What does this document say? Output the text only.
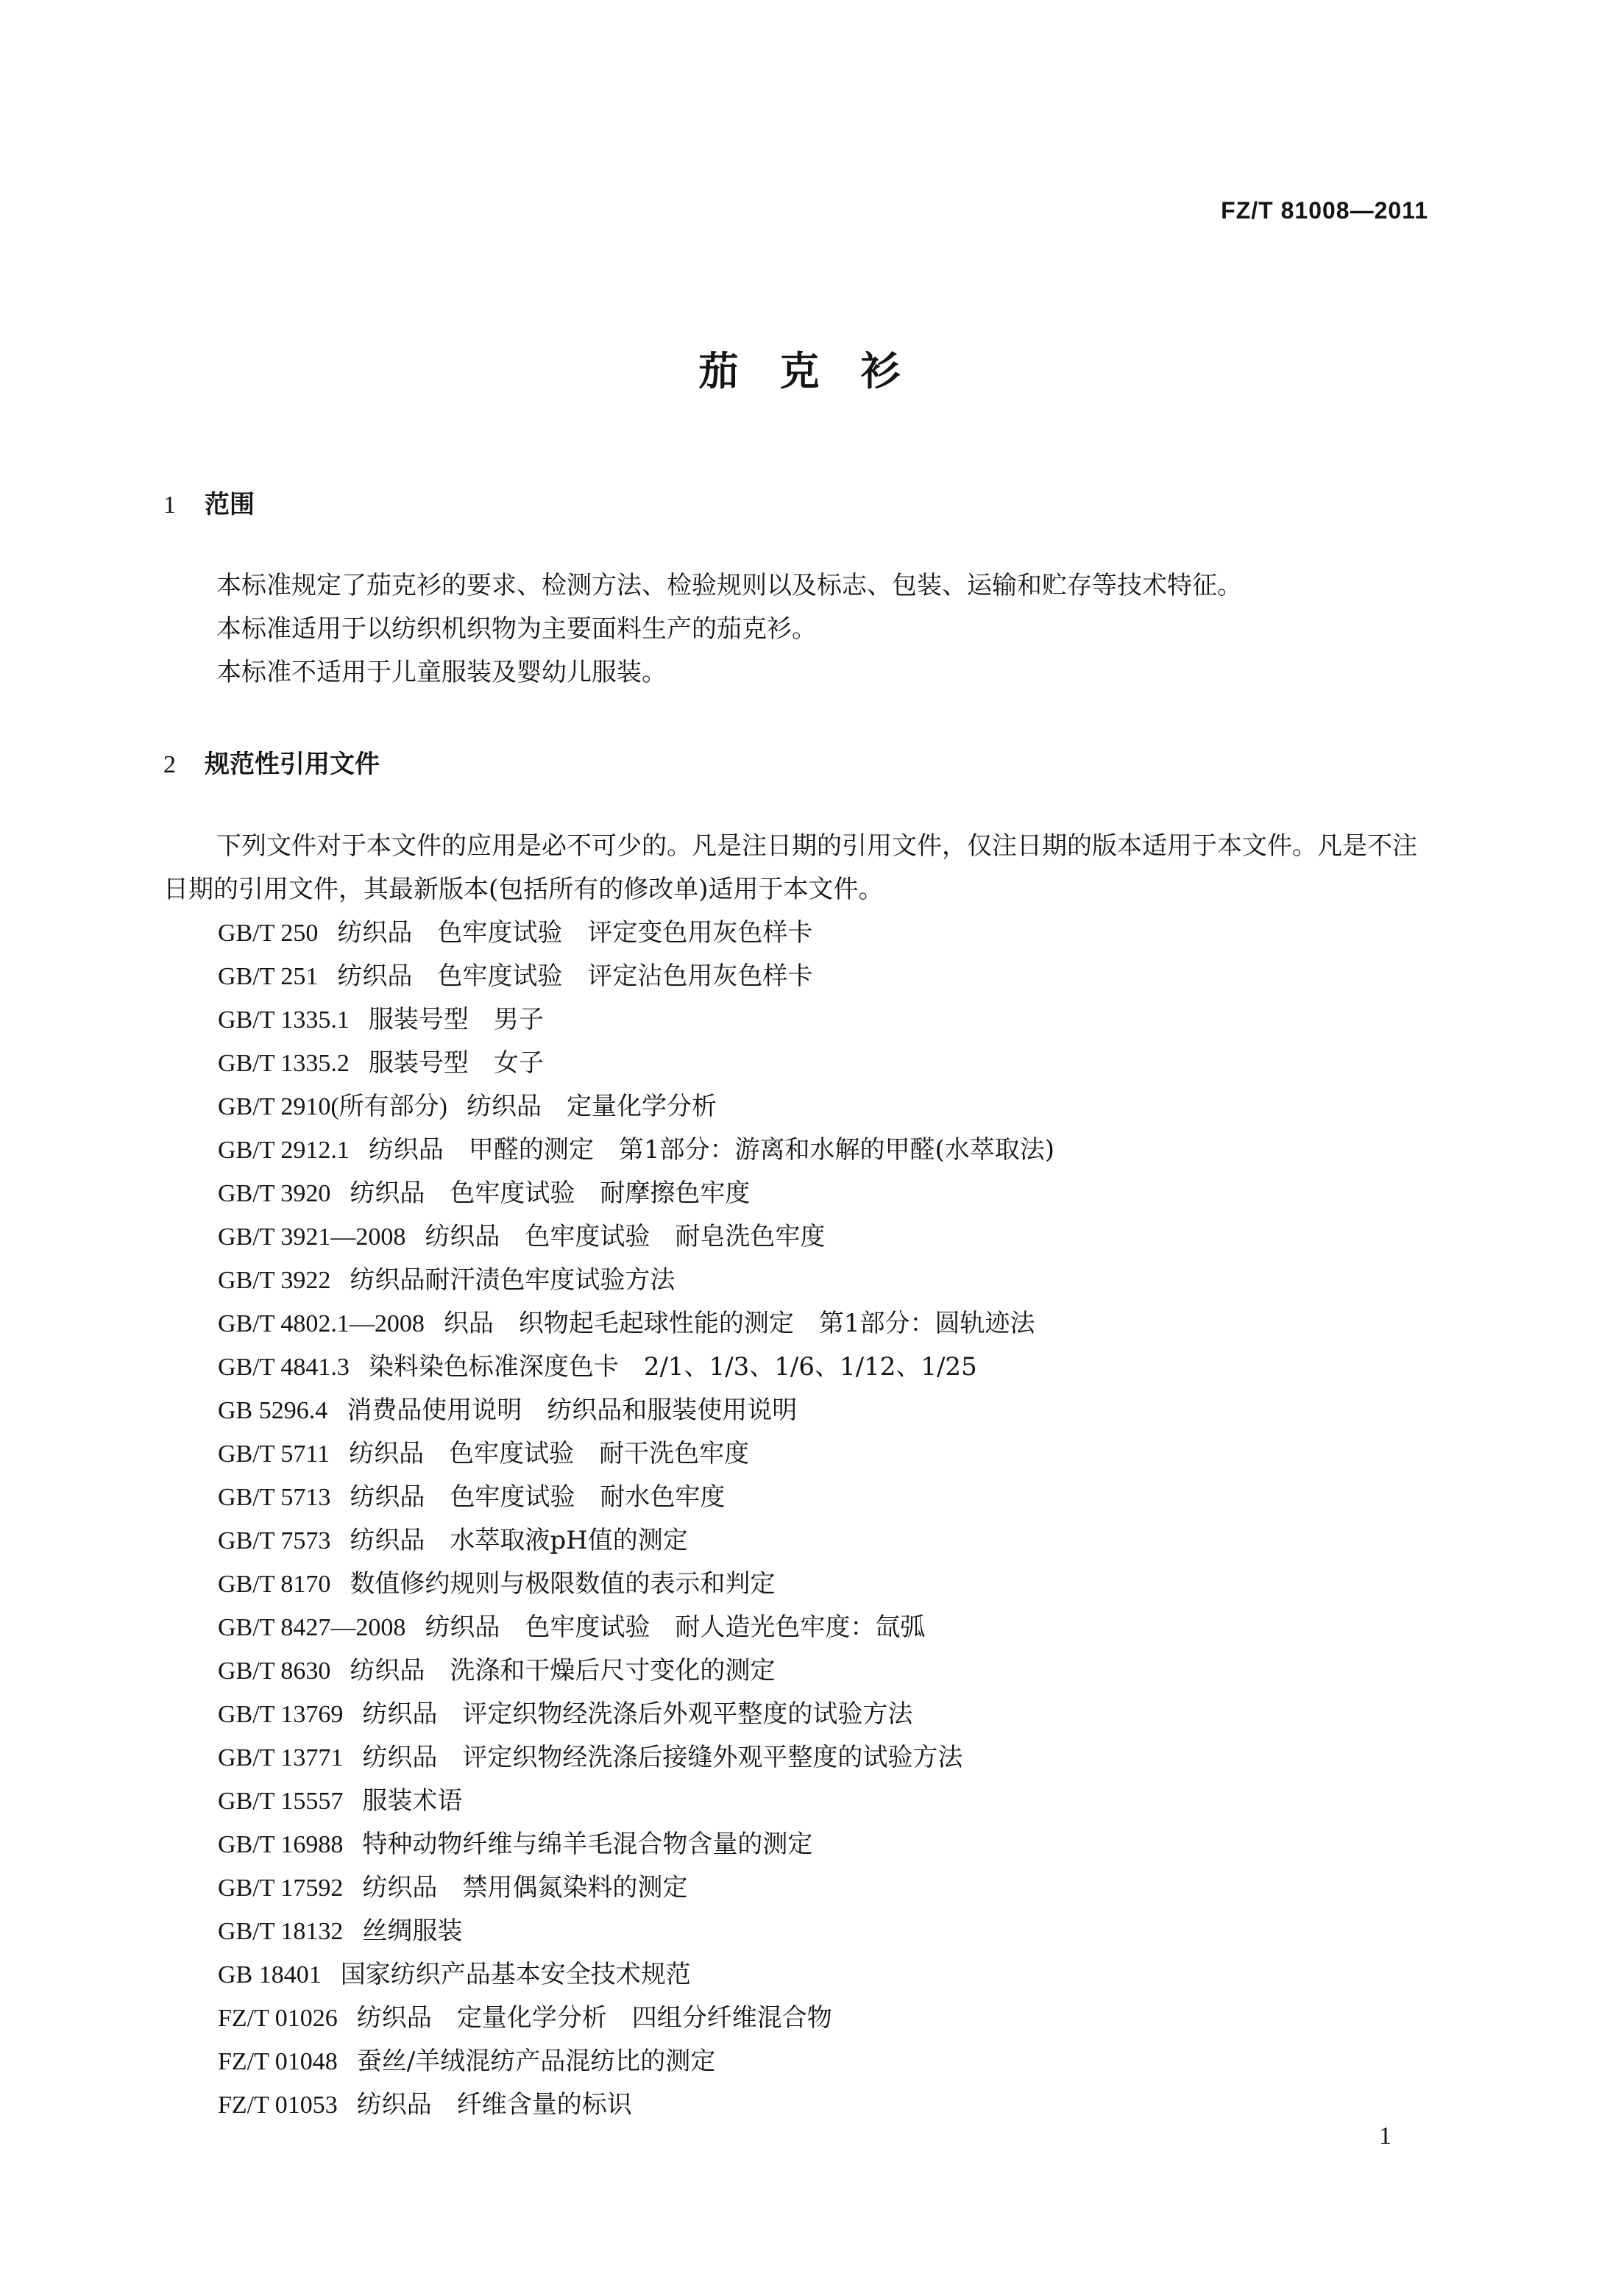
FZ/T 81008—2011
茄克衫
1 范围

本标准规定了茄克衫的要求、检测方法、检验规则以及标志、包装、运输和贮存等技术特征。

本标准适用于以纺织机织物为主要面料生产的茄克衫。

本标准不适用于儿童服装及婴幼儿服装。

2 规范性引用文件

下列文件对于本文件的应用是必不可少的。凡是注日期的引用文件，仅注日期的版本适用于本文件。凡是不注日期的引用文件，其最新版本(包括所有的修改单)适用于本文件。

GB/T 250 纺织品　色牢度试验　评定变色用灰色样卡
GB/T 251 纺织品　色牢度试验　评定沾色用灰色样卡
GB/T 1335.1 服装号型　男子
GB/T 1335.2 服装号型　女子
GB/T 2910(所有部分) 纺织品　定量化学分析
GB/T 2912.1 纺织品　甲醛的测定　第1部分：游离和水解的甲醛(水萃取法)
GB/T 3920 纺织品　色牢度试验　耐摩擦色牢度
GB/T 3921—2008 纺织品　色牢度试验　耐皂洗色牢度
GB/T 3922 纺织品耐汗渍色牢度试验方法
GB/T 4802.1—2008 织品　织物起毛起球性能的测定　第1部分：圆轨迹法
GB/T 4841.3 染料染色标准深度色卡　2/1、1/3、1/6、1/12、1/25
GB 5296.4 消费品使用说明　纺织品和服装使用说明
GB/T 5711 纺织品　色牢度试验　耐干洗色牢度
GB/T 5713 纺织品　色牢度试验　耐水色牢度
GB/T 7573 纺织品　水萃取液pH值的测定
GB/T 8170 数值修约规则与极限数值的表示和判定
GB/T 8427—2008 纺织品　色牢度试验　耐人造光色牢度：氙弧
GB/T 8630 纺织品　洗涤和干燥后尺寸变化的测定
GB/T 13769 纺织品　评定织物经洗涤后外观平整度的试验方法
GB/T 13771 纺织品　评定织物经洗涤后接缝外观平整度的试验方法
GB/T 15557 服装术语
GB/T 16988 特种动物纤维与绵羊毛混合物含量的测定
GB/T 17592 纺织品　禁用偶氮染料的测定
GB/T 18132 丝绸服装
GB 18401 国家纺织产品基本安全技术规范
FZ/T 01026 纺织品　定量化学分析　四组分纤维混合物
FZ/T 01048 蚕丝/羊绒混纺产品混纺比的测定
FZ/T 01053 纺织品　纤维含量的标识
1
